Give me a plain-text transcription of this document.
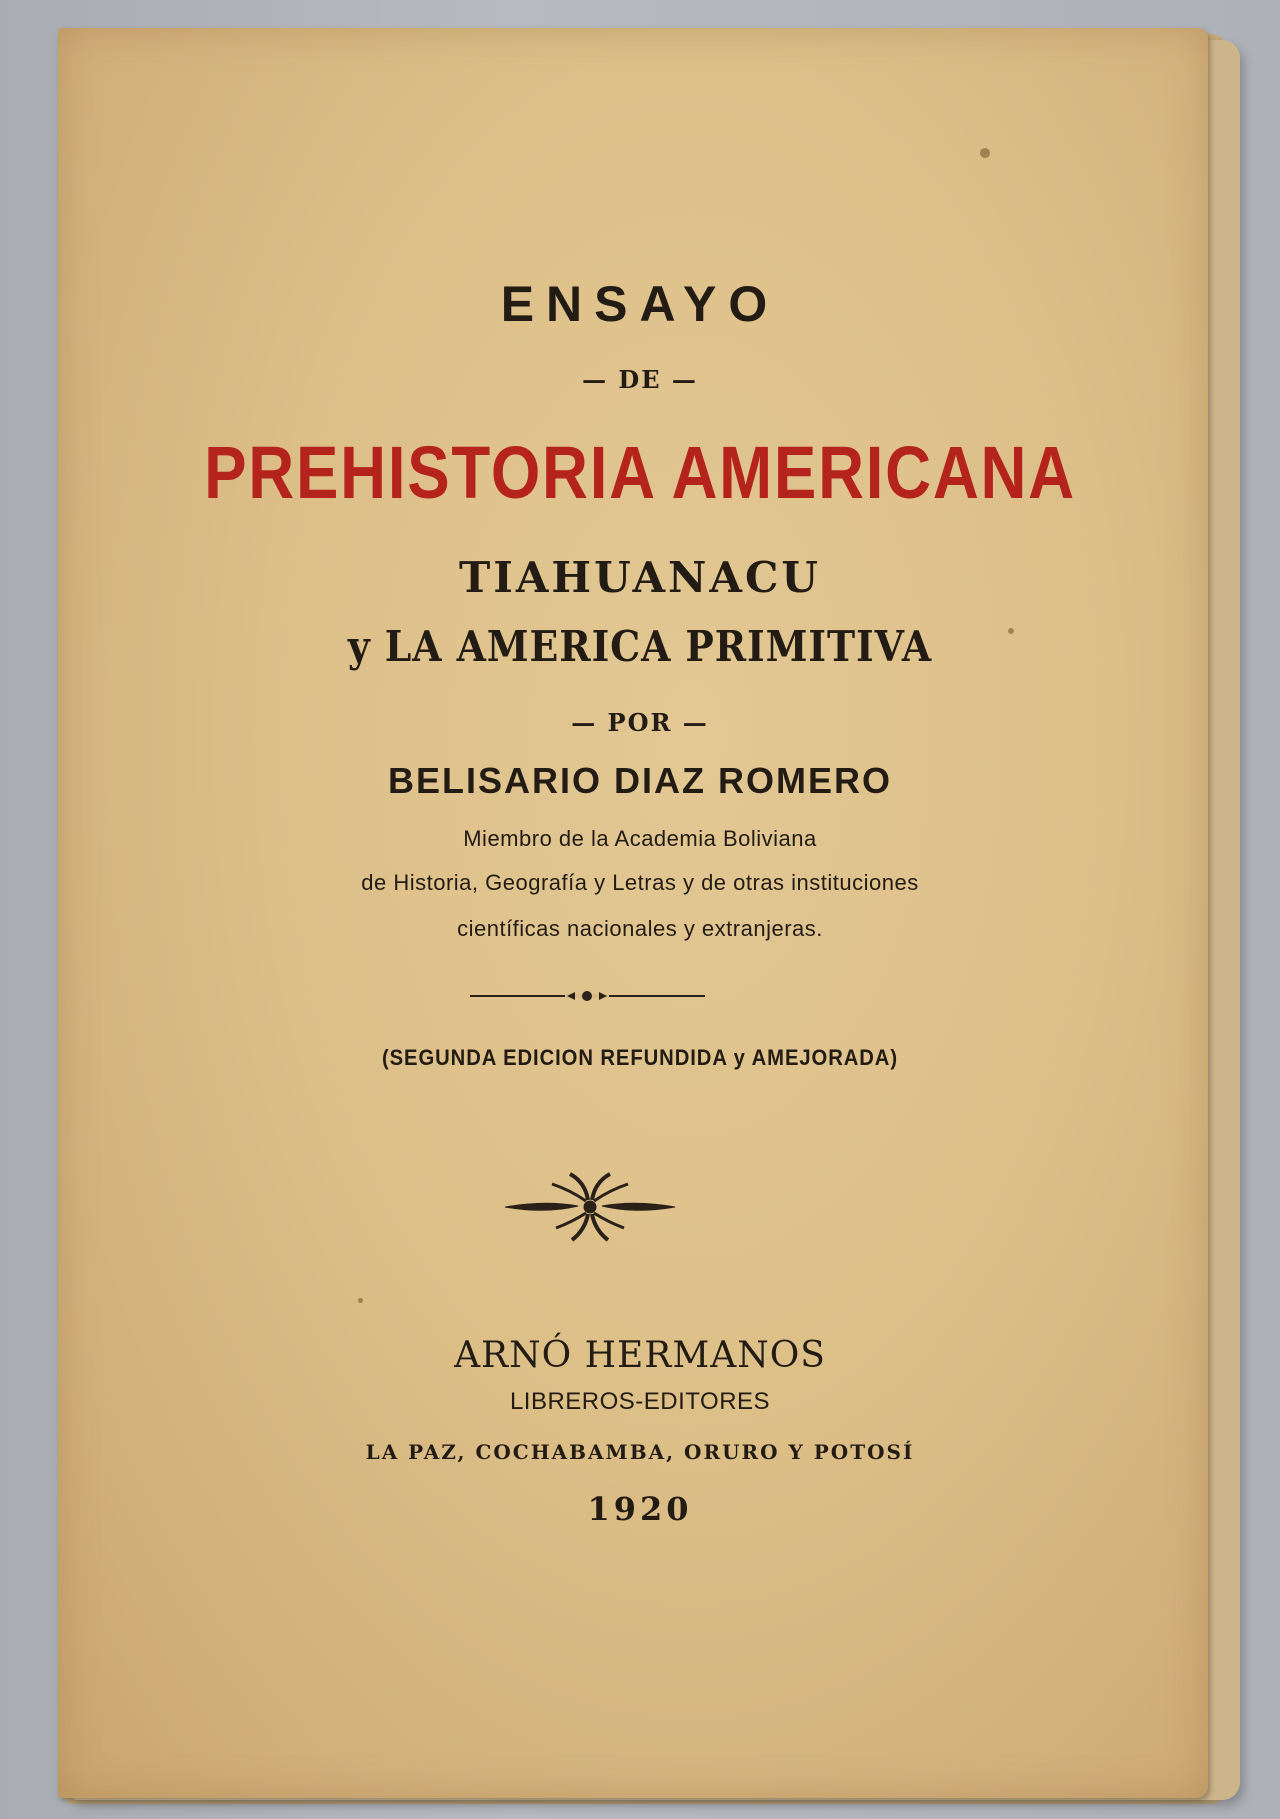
ENSAYO
— DE —
PREHISTORIA AMERICANA
TIAHUANACU
y LA AMERICA PRIMITIVA
— POR —
BELISARIO DIAZ ROMERO
Miembro de la Academia Boliviana
de Historia, Geografía y Letras y de otras instituciones
científicas nacionales y extranjeras.
(SEGUNDA EDICION REFUNDIDA y AMEJORADA)
ARNÓ HERMANOS
LIBREROS-EDITORES
LA PAZ, COCHABAMBA, ORURO Y POTOSÍ
1920
